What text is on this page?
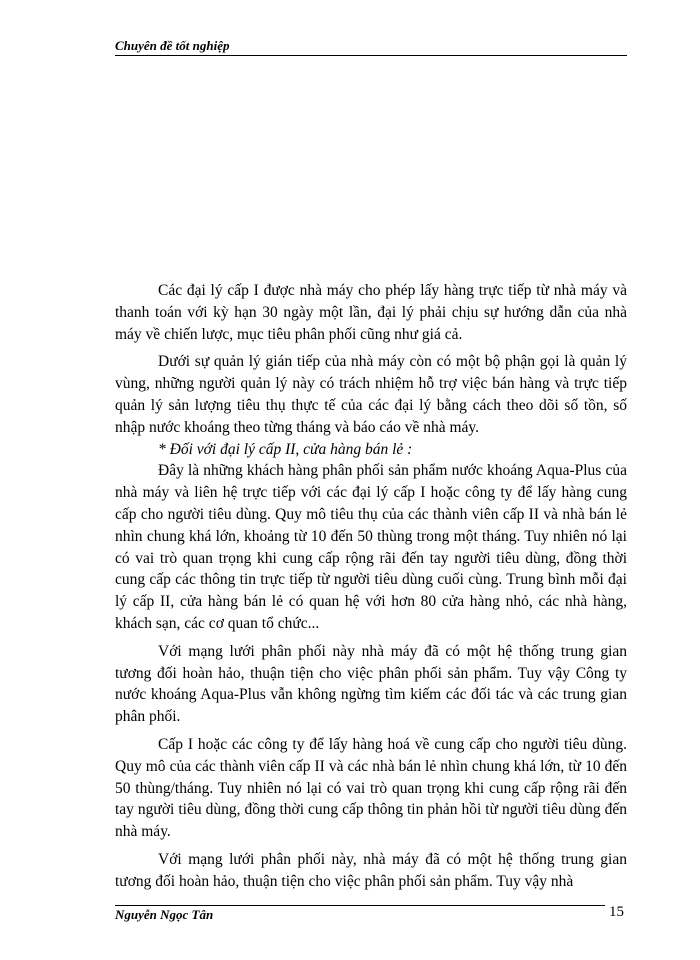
Chuyên đề tốt nghiệp

Các đại lý cấp I được nhà máy cho phép lấy hàng trực tiếp từ nhà máy và thanh toán với kỳ hạn 30 ngày một lần, đại lý phải chịu sự hướng dẫn của nhà máy về chiến lược, mục tiêu phân phối cũng như giá cả.

Dưới sự quản lý gián tiếp của nhà máy còn có một bộ phận gọi là quản lý vùng, những người quản lý này có trách nhiệm hỗ trợ việc bán hàng và trực tiếp quản lý sản lượng tiêu thụ thực tế của các đại lý bằng cách theo dõi số tồn, số nhập nước khoáng theo từng tháng và báo cáo về nhà máy.

* Đối với đại lý cấp II, cửa hàng bán lẻ :

Đây là những khách hàng phân phối sản phẩm nước khoáng Aqua-Plus của nhà máy và liên hệ trực tiếp với các đại lý cấp I hoặc công ty để lấy hàng cung cấp cho người tiêu dùng. Quy mô tiêu thụ của các thành viên cấp II và nhà bán lẻ nhìn chung khá lớn, khoảng từ 10 đến 50 thùng trong một tháng. Tuy nhiên nó lại có vai trò quan trọng khi cung cấp rộng rãi đến tay người tiêu dùng, đồng thời cung cấp các thông tin trực tiếp từ người tiêu dùng cuối cùng. Trung bình mỗi đại lý cấp II, cửa hàng bán lẻ có quan hệ với hơn 80 cửa hàng nhỏ, các nhà hàng, khách sạn, các cơ quan tổ chức...

Với mạng lưới phân phối này nhà máy đã có một hệ thống trung gian tương đối hoàn hảo, thuận tiện cho việc phân phối sản phẩm. Tuy vậy Công ty nước khoáng Aqua-Plus vẫn không ngừng tìm kiếm các đối tác và các trung gian phân phối.

Cấp I hoặc các công ty để lấy hàng hoá về cung cấp cho người tiêu dùng. Quy mô của các thành viên cấp II và các nhà bán lẻ nhìn chung khá lớn, từ 10 đến 50 thùng/tháng. Tuy nhiên nó lại có vai trò quan trọng khi cung cấp rộng rãi đến tay người tiêu dùng, đồng thời cung cấp thông tin phản hồi từ người tiêu dùng đến nhà máy.

Với mạng lưới phân phối này, nhà máy đã có một hệ thống trung gian tương đối hoàn hảo, thuận tiện cho việc phân phối sản phẩm. Tuy vậy nhà

Nguyễn Ngọc Tân	15
